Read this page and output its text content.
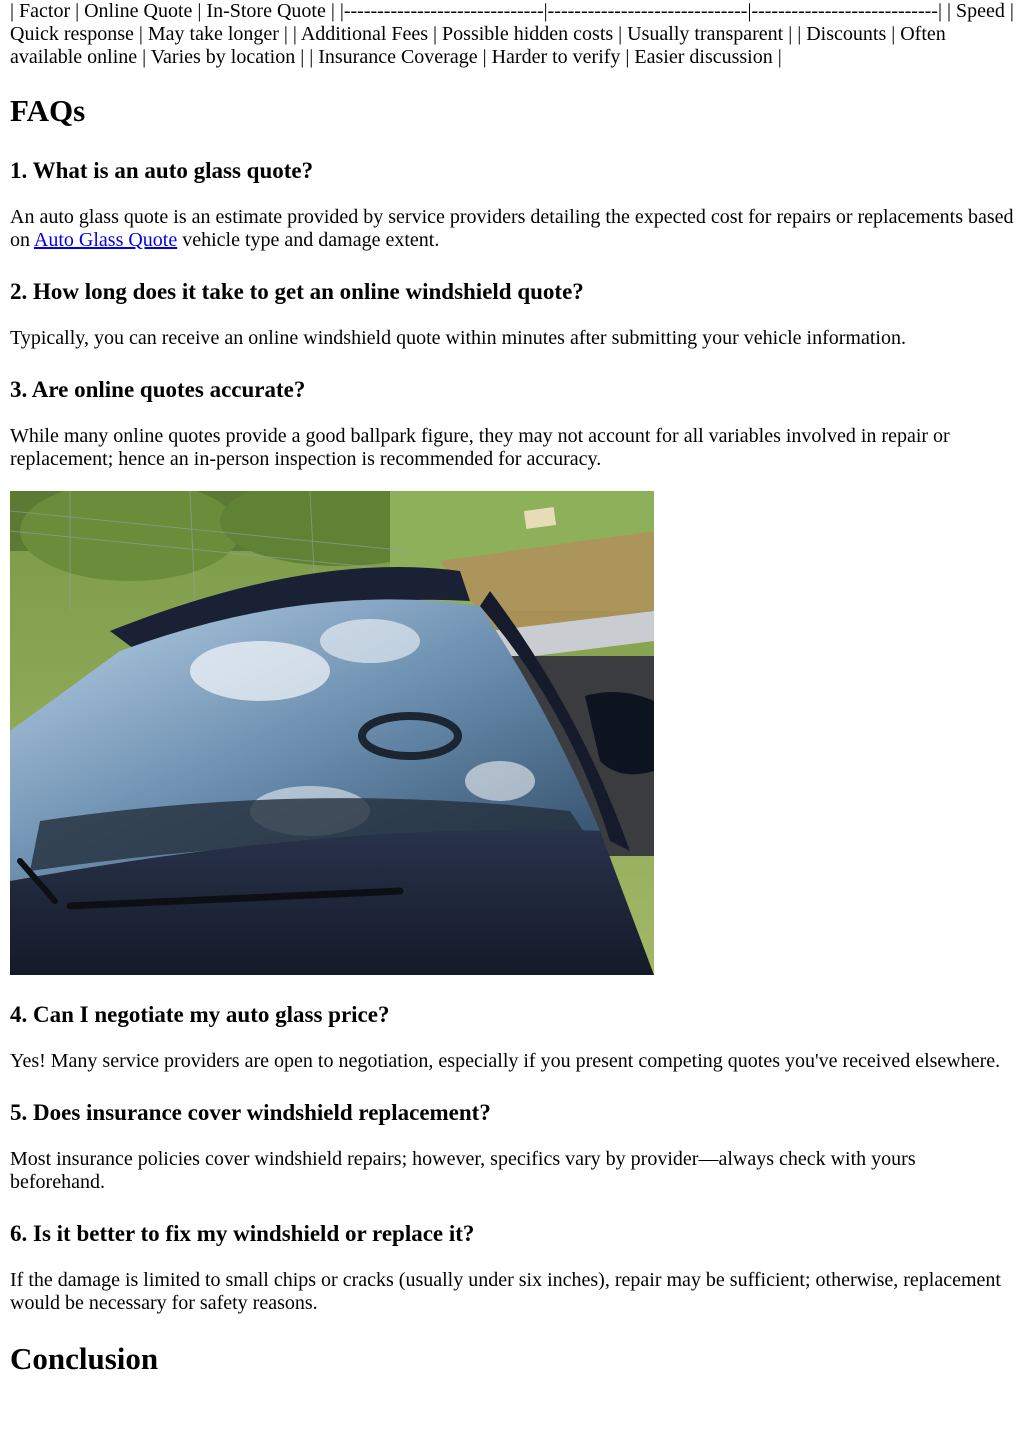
| Factor | Online Quote | In-Store Quote | |------------------------------|------------------------------|----------------------------| | Speed | Quick response | May take longer | | Additional Fees | Possible hidden costs | Usually transparent | | Discounts | Often available online | Varies by location | | Insurance Coverage | Harder to verify | Easier discussion |

FAQs
1. What is an auto glass quote?

An auto glass quote is an estimate provided by service providers detailing the expected cost for repairs or replacements based on Auto Glass Quote vehicle type and damage extent.

2. How long does it take to get an online windshield quote?

Typically, you can receive an online windshield quote within minutes after submitting your vehicle information.

3. Are online quotes accurate?

While many online quotes provide a good ballpark figure, they may not account for all variables involved in repair or replacement; hence an in-person inspection is recommended for accuracy.

4. Can I negotiate my auto glass price?

Yes! Many service providers are open to negotiation, especially if you present competing quotes you've received elsewhere.

5. Does insurance cover windshield replacement?

Most insurance policies cover windshield repairs; however, specifics vary by provider—always check with yours beforehand.

6. Is it better to fix my windshield or replace it?

If the damage is limited to small chips or cracks (usually under six inches), repair may be sufficient; otherwise, replacement would be necessary for safety reasons.

Conclusion
